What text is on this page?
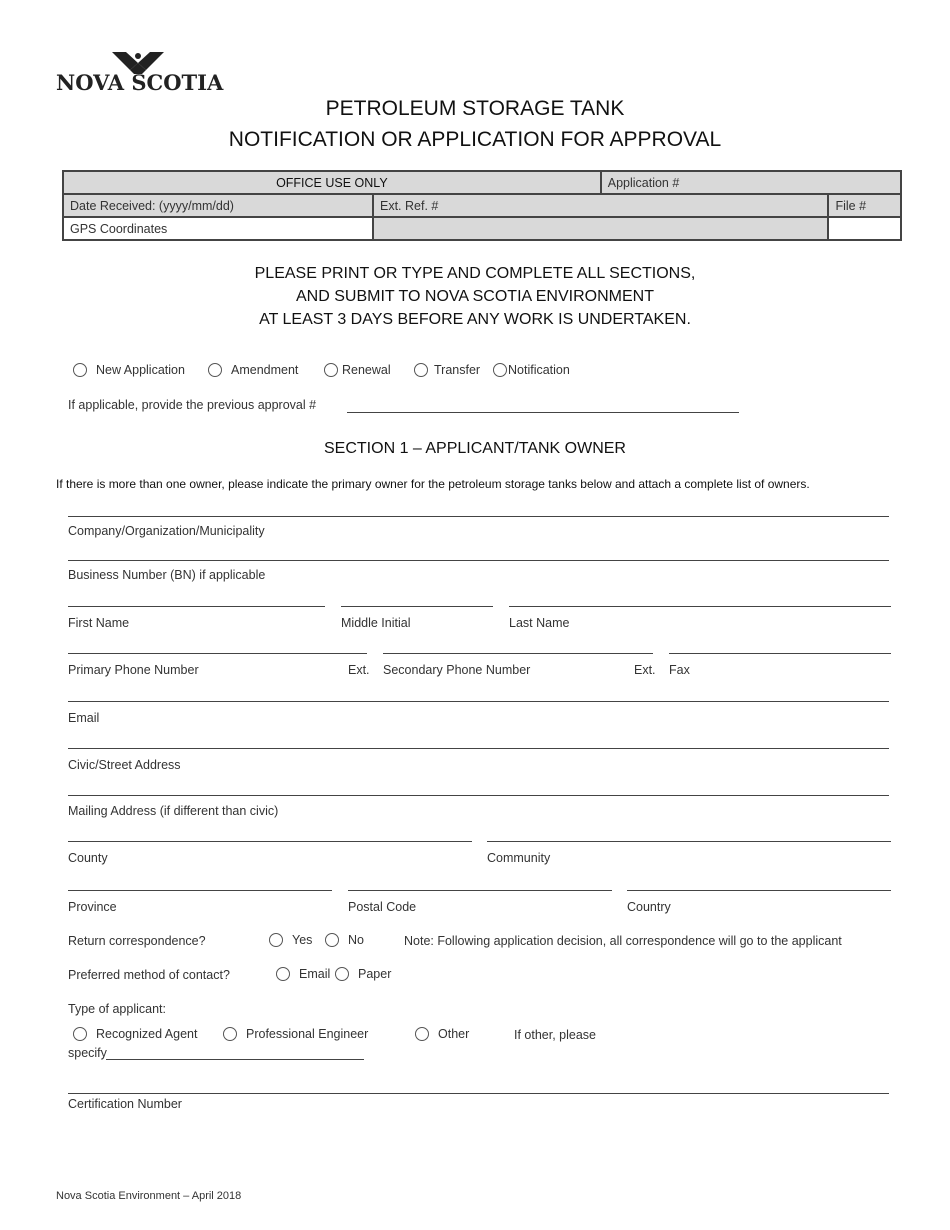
NOVA SCOTIA
PETROLEUM STORAGE TANK
NOTIFICATION OR APPLICATION FOR APPROVAL
OFFICE USE ONLY		Application #	
Date Received: (yyyy/mm/dd)	Ext. Ref. #		File #
GPS Coordinates			
PLEASE PRINT OR TYPE AND COMPLETE ALL SECTIONS,
AND SUBMIT TO NOVA SCOTIA ENVIRONMENT
AT LEAST 3 DAYS BEFORE ANY WORK IS UNDERTAKEN.
New Application	Amendment	Renewal	Transfer	Notification
If applicable, provide the previous approval #
SECTION 1 – APPLICANT/TANK OWNER
If there is more than one owner, please indicate the primary owner for the petroleum storage tanks below and attach a complete list of owners.
Company/Organization/Municipality
Business Number (BN) if applicable
First Name	Middle Initial	Last Name
Primary Phone Number	Ext. Secondary Phone Number	Ext. Fax
Email
Civic/Street Address
Mailing Address (if different than civic)
County	Community
Province	Postal Code	Country
Return correspondence?	Yes	No	Note: Following application decision, all correspondence will go to the applicant
Preferred method of contact?	Email	Paper
Type of applicant:
Recognized Agent	Professional Engineer	Other	If other, please
specify
Certification Number
Nova Scotia Environment – April 2018
